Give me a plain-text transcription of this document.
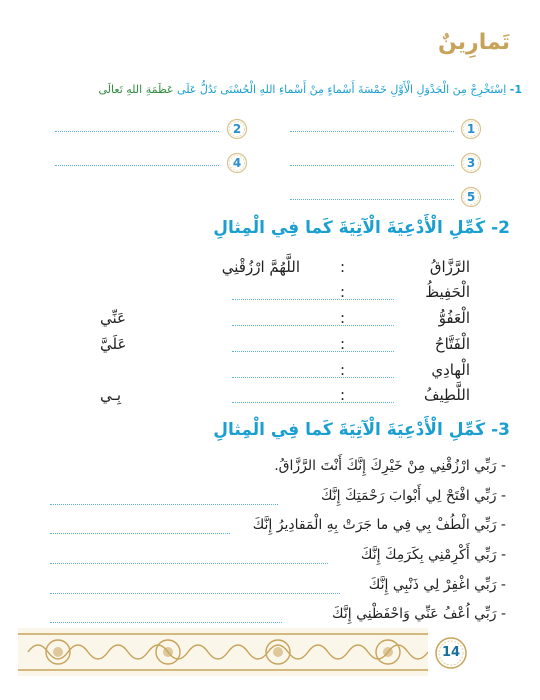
تَمارِينٌ
1- اِسْتَخْرِجْ مِنَ الْجَدْوَلِ الْأَوَّلِ خَمْسَةَ أَسْماءٍ مِنْ أَسْماءِ اللهِ الْحُسْنَى تَدُلُّ عَلَى عَظَمَةِ اللهِ تَعالَى
1
2
3
4
5
2- كَمِّلِ الْأَدْعِيَةَ الْآتِيَةَ كَما فِي الْمِثالِ
الرَّزَّاقُ
:
اللَّهُمَّ ارْزُقْنِي
الْحَفِيظُ
:
الْعَفُوُّ
:
عَنِّي
الْفَتَّاحُ
:
عَلَيَّ
الْهادِي
:
اللَّطِيفُ
:
بِـي
3- كَمِّلِ الْأَدْعِيَةَ الْآتِيَةَ كَما فِي الْمِثالِ
- رَبِّي ارْزُقْنِي مِنْ خَيْرِكَ إِنَّكَ أَنْتَ الرَّزَّاقُ.
- رَبِّي افْتَحْ لِي أَبْوابَ رَحْمَتِكَ إِنَّكَ
- رَبِّي الْطُفْ بِي فِي ما جَرَتْ بِهِ الْمَقادِيرُ إِنَّكَ
- رَبِّي أَكْرِمْنِي بِكَرَمِكَ إِنَّكَ
- رَبِّي اغْفِرْ لِي ذَنْبِي إِنَّكَ
- رَبِّي اُعْفُ عَنِّي وَاحْفَظْنِي إِنَّكَ
14
